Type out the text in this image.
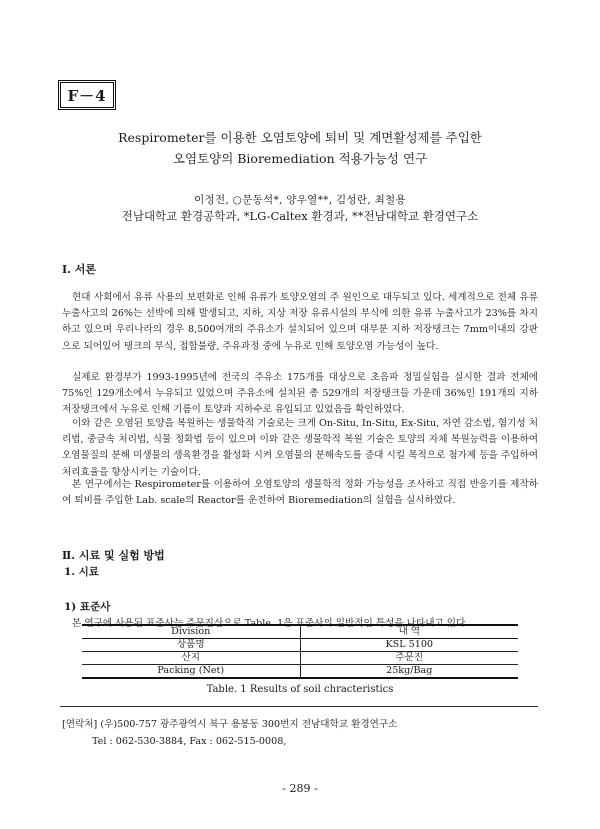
F－4
Respirometer를 이용한 오염토양에 퇴비 및 계면활성제를 주입한
오염토양의 Bioremediation 적용가능성 연구
이정전, ○문동석*, 양우열**, 김성란, 최철용
전남대학교 환경공학과, *LG-Caltex 환경과, **전남대학교 환경연구소
Ⅰ. 서론

현대 사회에서 유류 사용의 보편화로 인해 유류가 토양오염의 주 원인으로 대두되고 있다. 세계적으로 전체 유류 누출사고의 26%는 선박에 의해 발생되고, 지하, 지상 저장 유류시설의 부식에 의한 유류 누출사고가 23%를 차지하고 있으며 우리나라의 경우 8,500여개의 주유소가 설치되어 있으며 대부분 지하 저장탱크는 7mm이내의 강판으로 되어있어 탱크의 부식, 접합불량, 주유과정 중에 누유로 인해 토양오염 가능성이 높다.

실제로 환경부가 1993-1995년에 전국의 주유소 175개를 대상으로 초음파 정밀실험을 실시한 결과 전체에 75%인 129개소에서 누유되고 있었으며 주유소에 설치된 총 529개의 저장탱크들 가운데 36%인 191개의 지하 저장탱크에서 누유로 인해 기름이 토양과 지하수로 유입되고 있었음을 확인하였다.

이와 같은 오염된 토양을 복원하는 생물학적 기술로는 크게 On-Situ, In-Situ, Ex-Situ, 자연 감소법, 혐기성 처리법, 중금속 처리법, 식물 정화법 등이 있으며 이와 같은 생물학적 복원 기술은 토양의 자체 복원능력을 이용하여 오염물질의 분해 미생물의 생육환경을 활성화 시켜 오염물의 분해속도를 증대 시킬 목적으로 첨가제 등을 주입하여 처리효율을 향상시키는 기술이다.

본 연구에서는 Respirometer를 이용하여 오염토양의 생물학적 정화 가능성을 조사하고 직접 반응기를 제작하여 퇴비를 주입한 Lab. scale의 Reactor를 운전하여 Bioremediation의 실험을 실시하였다.

Ⅱ. 시료 및 실험 방법
1. 시료
1) 표준사

본 연구에 사용된 표준사는 주문진산으로 Table. 1은 표준사의 일반적인 특성을 나타내고 있다.

Division	내 역
상품명	KSL 5100
산지	주문진
Packing (Net)	25kg/Bag
Table. 1 Results of soil chracteristics
[연락처] (우)500-757 광주광역시 북구 용봉동 300번지 전남대학교 환경연구소
Tel : 062-530-3884, Fax : 062-515-0008,
- 289 -
